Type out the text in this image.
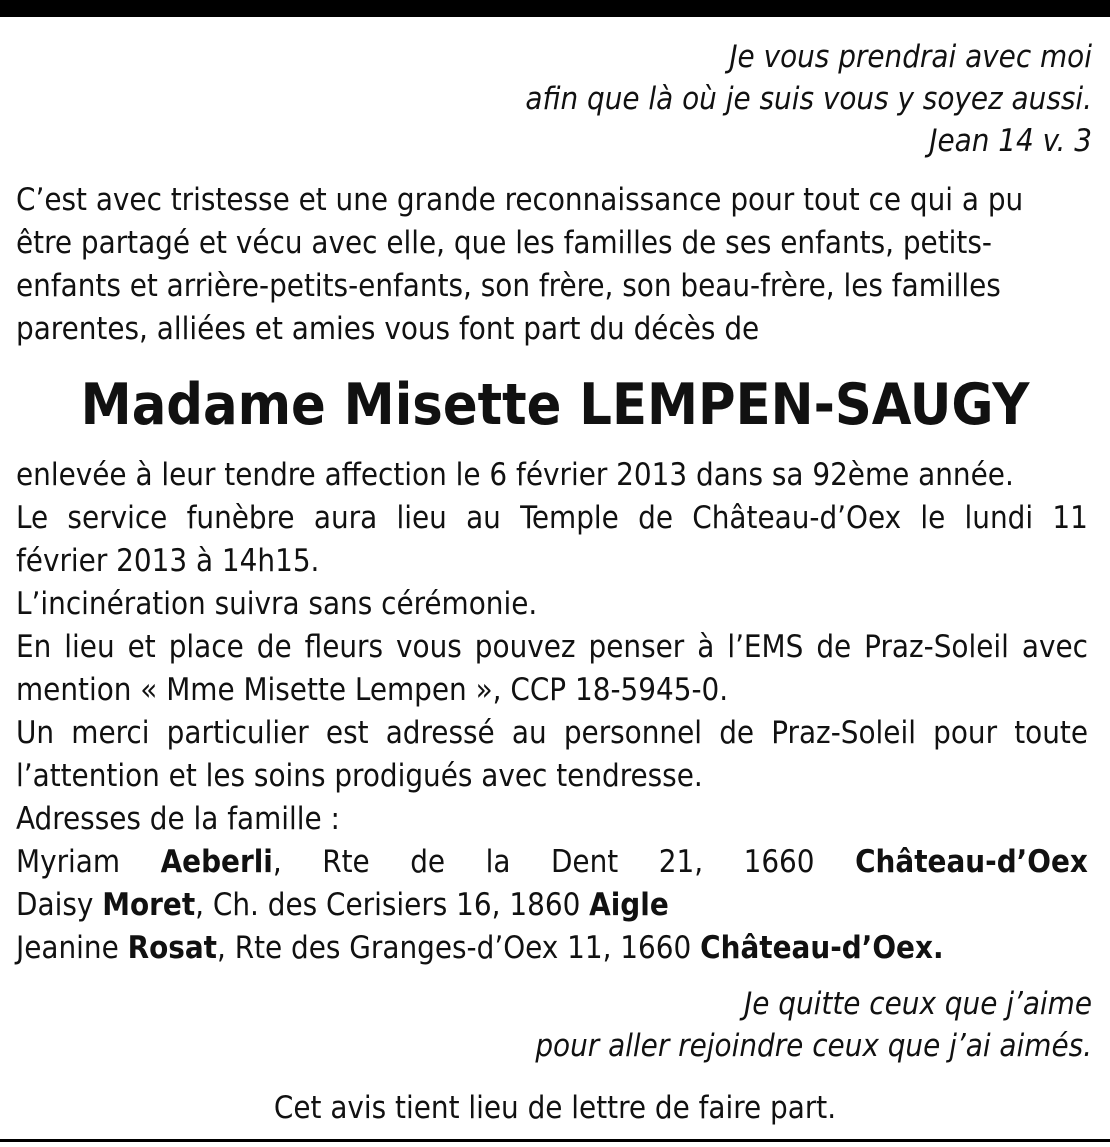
Je vous prendrai avec moi
afin que là où je suis vous y soyez aussi.
Jean 14 v. 3
C’est avec tristesse et une grande reconnaissance pour tout ce qui a pu
être partagé et vécu avec elle, que les familles de ses enfants, petits-
enfants et arrière-petits-enfants, son frère, son beau-frère, les familles
parentes, alliées et amies vous font part du décès de
Madame Misette LEMPEN-SAUGY
enlevée à leur tendre affection le 6 février 2013 dans sa 92ème année.
Le service funèbre aura lieu au Temple de Château-d’Oex le lundi 11
février 2013 à 14h15.
L’incinération suivra sans cérémonie.
En lieu et place de fleurs vous pouvez penser à l’EMS de Praz-Soleil avec
mention « Mme Misette Lempen », CCP 18-5945-0.
Un merci particulier est adressé au personnel de Praz-Soleil pour toute
l’attention et les soins prodigués avec tendresse.
Adresses de la famille :
Myriam Aeberli, Rte de la Dent 21, 1660 Château-d’Oex
Daisy Moret, Ch. des Cerisiers 16, 1860 Aigle
Jeanine Rosat, Rte des Granges-d’Oex 11, 1660 Château-d’Oex.
Je quitte ceux que j’aime
pour aller rejoindre ceux que j’ai aimés.
Cet avis tient lieu de lettre de faire part.
